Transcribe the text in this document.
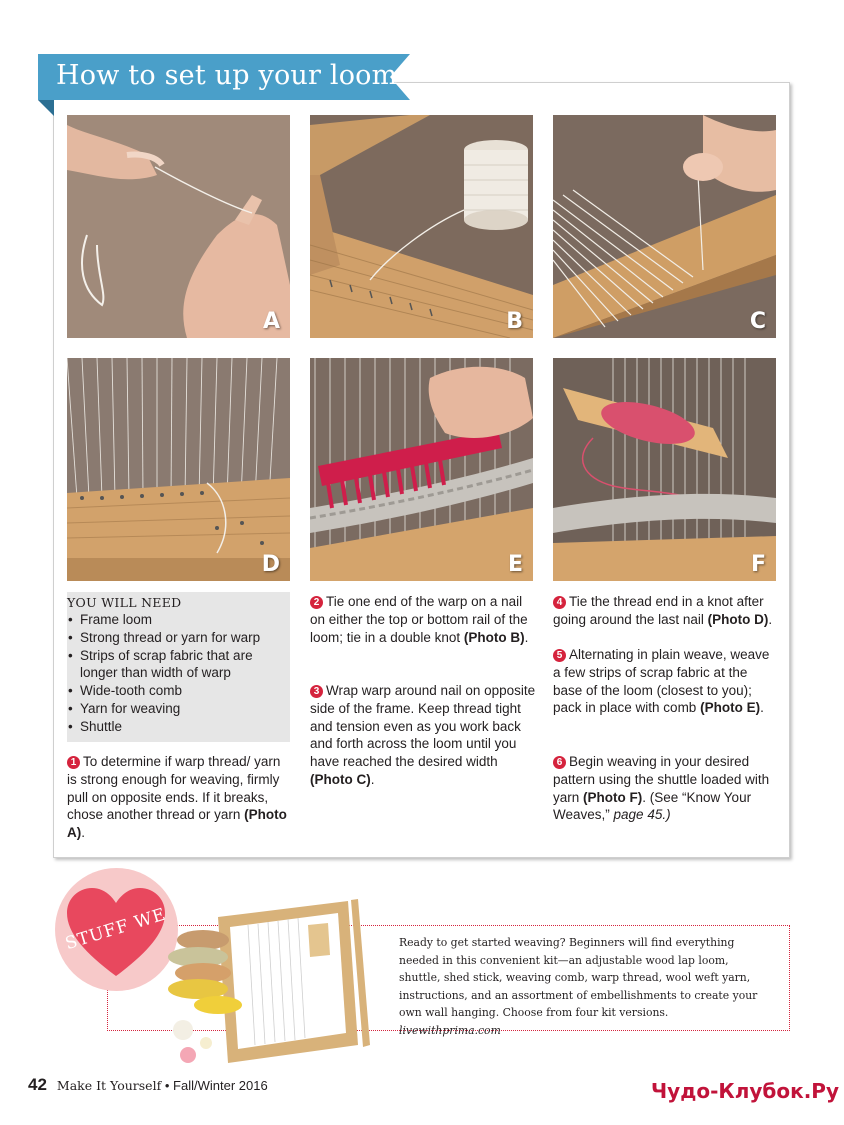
How to set up your loom
A	B	C
D	E	F
YOU WILL NEED
• Frame loom
• Strong thread or yarn for warp
• Strips of scrap fabric that are longer than width of warp
• Wide-tooth comb
• Yarn for weaving
• Shuttle
1 To determine if warp thread/ yarn is strong enough for weaving, firmly pull on opposite ends. If it breaks, chose another thread or yarn (Photo A).
2 Tie one end of the warp on a nail on either the top or bottom rail of the loom; tie in a double knot (Photo B).
3 Wrap warp around nail on opposite side of the frame. Keep thread tight and tension even as you work back and forth across the loom until you have reached the desired width (Photo C).
4 Tie the thread end in a knot after going around the last nail (Photo D).
5 Alternating in plain weave, weave a few strips of scrap fabric at the base of the loom (closest to you); pack in place with comb (Photo E).
6 Begin weaving in your desired pattern using the shuttle loaded with yarn (Photo F). (See “Know Your Weaves,” page 45.)
STUFF WE	Ready to get started weaving? Beginners will find everything needed in this convenient kit—an adjustable wood lap loom, shuttle, shed stick, weaving comb, warp thread, wool weft yarn, instructions, and an assortment of embellishments to create your own wall hanging. Choose from four kit versions. livewithprima.com
42 Make It Yourself • Fall/Winter 2016	Чудо-Клубок.Ру
